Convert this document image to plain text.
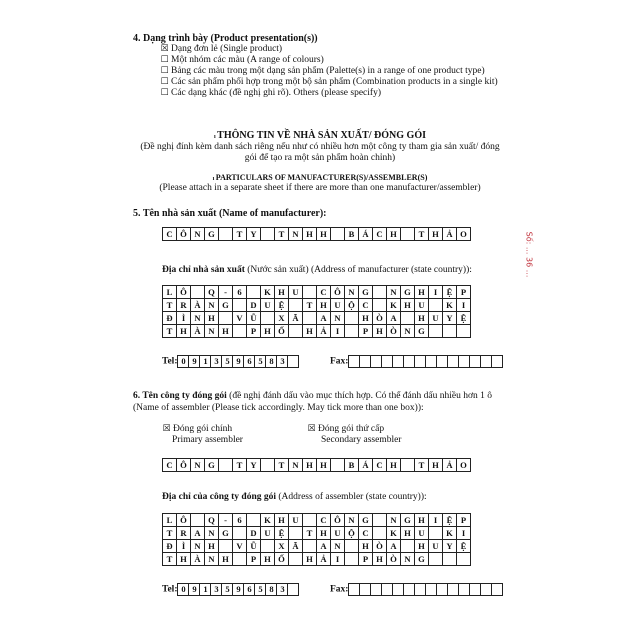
4. Dạng trình bày (Product presentation(s))
☒ Dạng đơn lẻ (Single product)
☐ Một nhóm các màu (A range of colours)
☐ Bảng các màu trong một dạng sản phẩm (Palette(s) in a range of one product type)
☐ Các sản phẩm phối hợp trong một bộ sản phẩm (Combination products in a single kit)
☐ Các dạng khác (đề nghị ghi rõ). Others (please specify)
ı THÔNG TIN VỀ NHÀ SẢN XUẤT/ ĐÓNG GÓI
(Đề nghị đính kèm danh sách riêng nếu như có nhiều hơn một công ty tham gia sản xuất/ đóng
gói để tạo ra một sản phẩm hoàn chỉnh)
ı PARTICULARS OF MANUFACTURER(S)/ASSEMBLER(S)
(Please attach in a separate sheet if there are more than one manufacturer/assembler)
5. Tên nhà sản xuất (Name of manufacturer):
C	Ô	N	G		T	Y		T	N	H	H		B	Á	C	H		T	H	Ả	O
Địa chỉ nhà sản xuất (Nước sản xuất) (Address of manufacturer (state country)):
L	Ô		Q	-	6		K	H	U		C	Ô	N	G		N	G	H	I	Ệ	P
T	R	À	N	G		D	U	Ệ		T	H	U	Ộ	C		K	H	U		K	I
Đ	Ì	N	H		V	Ũ		X	Ã		A	N		H	Ò	A		H	U	Y	Ệ
T	H	À	N	H		P	H	Ố		H	Ả	I		P	H	Ò	N	G			
Tel: 0	9	1	3	5	9	6	5	8	3		Fax:													
6. Tên công ty đóng gói (đề nghị đánh dấu vào mục thích hợp. Có thể đánh dấu nhiều hơn 1 ô
(Name of assembler (Please tick accordingly. May tick more than one box)):
☒ Đóng gói chính
Primary assembler
☒ Đóng gói thứ cấp
Secondary assembler
C	Ô	N	G		T	Y		T	N	H	H		B	Á	C	H		T	H	Ả	O
Địa chỉ của công ty đóng gói (Address of assembler (state country)):
L	Ô		Q	-	6		K	H	U		C	Ô	N	G		N	G	H	I	Ệ	P
T	R	A	N	G		D	U	Ệ		T	H	U	Ộ	C		K	H	U		K	I
Đ	Ì	N	H		V	Ũ		X	Ã		A	N		H	Ò	A		H	U	Y	Ệ
T	H	À	N	H		P	H	Ố		H	Ả	I		P	H	Ò	N	G			
Tel: 0	9	1	3	5	9	6	5	8	3		Fax:													
Số: ... 36 ...
